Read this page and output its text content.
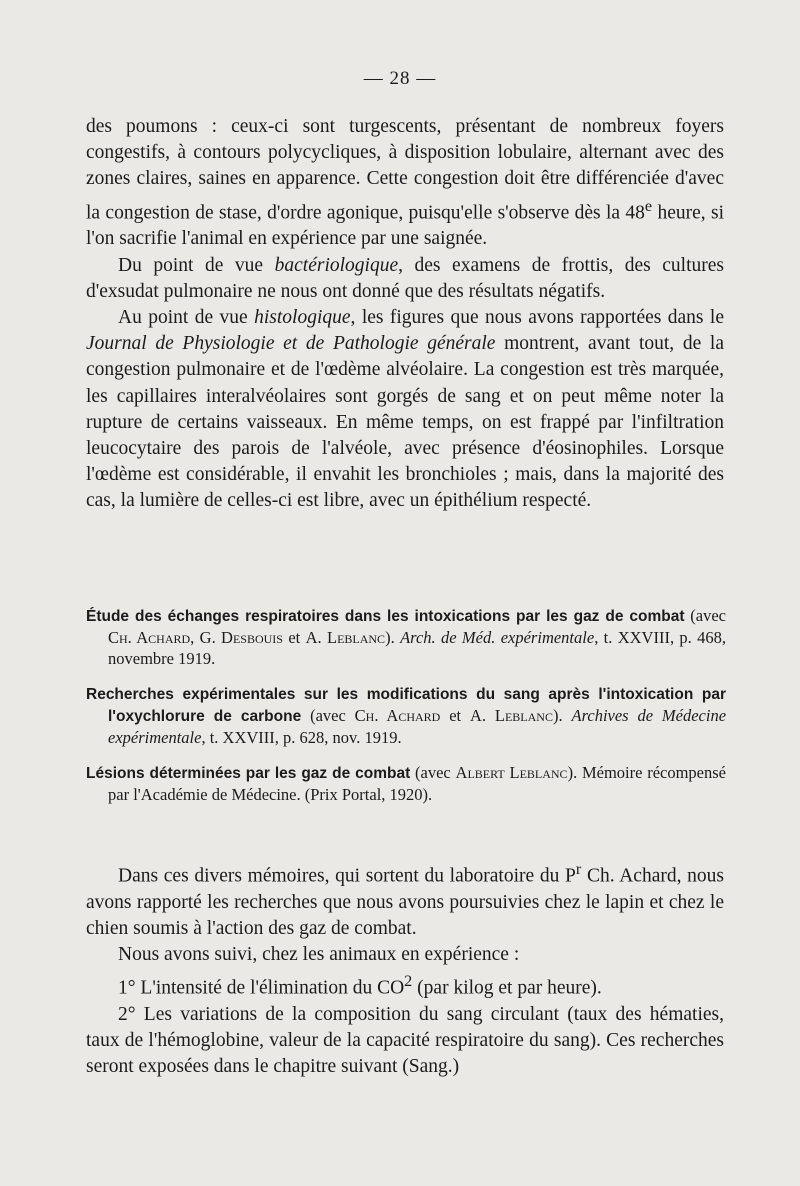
— 28 —

des poumons : ceux-ci sont turgescents, présentant de nombreux foyers congestifs, à contours polycycliques, à disposition lobulaire, alternant avec des zones claires, saines en apparence. Cette congestion doit être différenciée d'avec la congestion de stase, d'ordre agonique, puisqu'elle s'observe dès la 48e heure, si l'on sacrifie l'animal en expérience par une saignée.

Du point de vue bactériologique, des examens de frottis, des cultures d'exsudat pulmonaire ne nous ont donné que des résultats négatifs.

Au point de vue histologique, les figures que nous avons rapportées dans le Journal de Physiologie et de Pathologie générale montrent, avant tout, de la congestion pulmonaire et de l'œdème alvéolaire. La congestion est très marquée, les capillaires interalvéolaires sont gorgés de sang et on peut même noter la rupture de certains vaisseaux. En même temps, on est frappé par l'infiltration leucocytaire des parois de l'alvéole, avec présence d'éosinophiles. Lorsque l'œdème est considérable, il envahit les bronchioles ; mais, dans la majorité des cas, la lumière de celles-ci est libre, avec un épithélium respecté.

Étude des échanges respiratoires dans les intoxications par les gaz de combat (avec Ch. Achard, G. Desbouis et A. Leblanc). Arch. de Méd. expérimentale, t. XXVIII, p. 468, novembre 1919.

Recherches expérimentales sur les modifications du sang après l'intoxication par l'oxychlorure de carbone (avec Ch. Achard et A. Leblanc). Archives de Médecine expérimentale, t. XXVIII, p. 628, nov. 1919.

Lésions déterminées par les gaz de combat (avec Albert Leblanc). Mémoire récompensé par l'Académie de Médecine. (Prix Portal, 1920).

Dans ces divers mémoires, qui sortent du laboratoire du $P^r$ Ch. Achard, nous avons rapporté les recherches que nous avons poursuivies chez le lapin et chez le chien soumis à l'action des gaz de combat.

Nous avons suivi, chez les animaux en expérience :

1° L'intensité de l'élimination du $CO^2$ (par kilog et par heure).

2° Les variations de la composition du sang circulant (taux des hématies, taux de l'hémoglobine, valeur de la capacité respiratoire du sang). Ces recherches seront exposées dans le chapitre suivant (Sang.)
